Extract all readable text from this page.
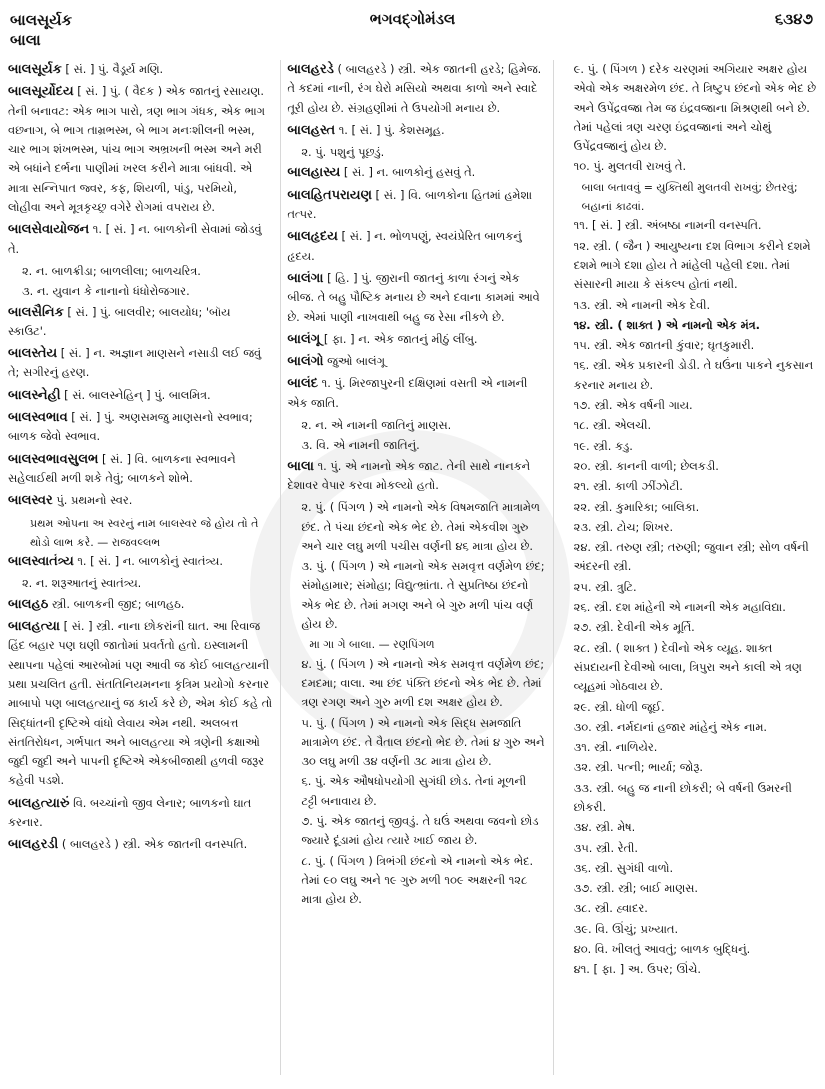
બાલસૂર્યક
બાલા
ભગવદ્ગોમંડલ	૬૩૪૭
બાલસૂર્યક [ સં. ] પું. વૈડૂર્ય મણિ.
બાલસૂર્યોદય [ સં. ] પું. ( વૈદક ) એક જાતનું રસાયણ. તેની બનાવટ: એક ભાગ પારો, ત્રણ ભાગ ગંધક, એક ભાગ વછનાગ, બે ભાગ તામ્રભસ્મ, બે ભાગ મનઃશીલની ભસ્મ, ચાર ભાગ શંખભસ્મ, પાંચ ભાગ અભ્રખની ભસ્મ અને મરી એ બધાંને દર્ભના પાણીમાં ખરલ કરીને માત્રા બાંધવી. એ માત્રા સન્નિપાત જ્વર, કફ, શિયળી, પાંડુ, પરમિયો, લોહીવા અને મૂત્રકૃચ્છ્ર વગેરે રોગમાં વપરાય છે.
બાલસેવાયોજન ૧. [ સં. ] ન. બાળકોની સેવામાં જોડવું તે.
૨. ન. બાળક્રીડા; બાળલીલા; બાળચરિત્ર.
૩. ન. યુવાન કે નાનાનો ધંધોરોજગાર.
બાલસૈનિક [ સં. ] પું. બાલવીર; બાલયોધ; 'બૉય સ્કાઉટ'.
બાલસ્તેય [ સં. ] ન. અજ્ઞાન માણસને નસાડી લઈ જવું તે; સગીરનું હરણ.
બાલસ્નેહી [ સં. બાલસ્નેહિન્ ] પું. બાલમિત્ર.
બાલસ્વભાવ [ સં. ] પું. અણસમજુ માણસનો સ્વભાવ; બાળક જેવો સ્વભાવ.
બાલસ્વભાવસુલભ [ સં. ] વિ. બાળકના સ્વભાવને સહેલાઈથી મળી શકે તેવું; બાળકને શોભે.
બાલસ્વર પું. પ્રથમનો સ્વર.
પ્રથમ ઓપના અ સ્વરનું નામ બાલસ્વર જે હોય તો તે થોડો લાભ કરે. — રાજવલ્લભ
બાલસ્વાતંત્ર્ય ૧. [ સં. ] ન. બાળકોનું સ્વાતંત્ર્ય.
૨. ન. શરૂઆતનું સ્વાતંત્ર્ય.
બાલહઠ સ્ત્રી. બાળકની જીદ; બાળહઠ.
બાલહત્યા [ સં. ] સ્ત્રી. નાના છોકરાંની ઘાત. આ રિવાજ હિંદ બહાર પણ ઘણી જાતોમાં પ્રવર્તતો હતો. ઇસ્લામની સ્થાપના પહેલાં આરબોમાં પણ આવી જ કોઈ બાલહત્યાની પ્રથા પ્રચલિત હતી. સંતતિનિયમનના કૃત્રિમ પ્રયોગો કરનાર માબાપો પણ બાલહત્યાનું જ કાર્ય કરે છે, એમ કોઈ કહે તો સિદ્ધાંતની દૃષ્ટિએ વાંધો લેવાય એમ નથી. અલબત્ત સંતતિરોધન, ગર્ભપાત અને બાલહત્યા એ ત્રણેની કક્ષાઓ જુદી જુદી અને પાપની દૃષ્ટિએ એકબીજાથી હળવી જરૂર કહેવી પડશે.
બાલહત્યારું વિ. બચ્ચાંનો જીવ લેનાર; બાળકનો ઘાત કરનાર.
બાલહરડી ( બાલહરડે ) સ્ત્રી. એક જાતની વનસ્પતિ.
બાલહરડે ( બાલહરડે ) સ્ત્રી. એક જાતની હરડે; હિમેજ. તે કદમાં નાની, રંગ ઘેરો મસિયો અથવા કાળો અને સ્વાદે તૂરી હોય છે. સંગ્રહણીમાં તે ઉપયોગી મનાય છે.
બાલહસ્ત ૧. [ સં. ] પું. કેશસમૂહ.
૨. પું. પશુનું પૂછડું.
બાલહાસ્ય [ સં. ] ન. બાળકોનું હસવું તે.
બાલહિતપરાયણ [ સં. ] વિ. બાળકોના હિતમાં હમેશા તત્પર.
બાલહૃદય [ સં. ] ન. ભોળપણું, સ્વયંપ્રેરિત બાળકનું હૃદય.
બાલંગા [ હિ. ] પું. જીરાની જાતનું કાળા રંગનું એક બીજ. તે બહુ પૌષ્ટિક મનાય છે અને દવાના કામમાં આવે છે. એમાં પાણી નાખવાથી બહુ જ રેસા નીકળે છે.
બાલંગૂ [ ફા. ] ન. એક જાતનું મીઠું લીંબુ.
બાલંગો જુઓ બાલંગૂ
બાલંદ ૧. પું. મિરજાપુરની દક્ષિણમાં વસતી એ નામની એક જાતિ.
૨. ન. એ નામની જાતિનું માણસ.
૩. વિ. એ નામની જાતિનું.
બાલા ૧. પું. એ નામનો એક જાટ. તેની સાથે નાનકને દેશાવર વેપાર કરવા મોકલ્યો હતો.
૨. પું. ( પિંગળ ) એ નામનો એક વિષમજાતિ માત્રામેળ છંદ. તે પંચા છંદનો એક ભેદ છે. તેમાં એકવીશ ગુરુ અને ચાર લઘુ મળી પચીસ વર્ણની ૪૬ માત્રા હોય છે.
૩. પું. ( પિંગળ ) એ નામનો એક સમવૃત્ત વર્ણમેળ છંદ; સંમોહામાર; સંમોહા; વિદ્યુત્ભ્રાંતા. તે સુપ્રતિષ્ઠા છંદનો એક ભેદ છે. તેમાં મગણ અને બે ગુરુ મળી પાંચ વર્ણ હોય છે.
મા ગા ગે બાલા. — રણપિંગળ
૪. પું. ( પિંગળ ) એ નામનો એક સમવૃત્ત વર્ણમેળ છંદ; દમદમા; વાલા. આ છંદ પંક્તિ છંદનો એક ભેદ છે. તેમાં ત્રણ રગણ અને ગુરુ મળી દશ અક્ષર હોય છે.
૫. પું. ( પિંગળ ) એ નામનો એક સિદ્ધ સમજાતિ માત્રામેળ છંદ. તે વૈતાલ છંદનો ભેદ છે. તેમાં ૪ ગુરુ અને ૩૦ લઘુ મળી ૩૪ વર્ણની ૩૮ માત્રા હોય છે.
૬. પું. એક ઔષધોપયોગી સુગંધી છોડ. તેનાં મૂળની ટટ્ટી બનાવાય છે.
૭. પું. એક જાતનું જીવડું. તે ઘઉં અથવા જવનો છોડ જ્યારે દૂંડામાં હોય ત્યારે ખાઈ જાય છે.
૮. પું. ( પિંગળ ) ત્રિભંગી છંદનો એ નામનો એક ભેદ. તેમાં ૯૦ લઘુ અને ૧૯ ગુરુ મળી ૧૦૯ અક્ષરની ૧૨૮ માત્રા હોય છે.
૯. પું. ( પિંગળ ) દરેક ચરણમાં અગિયાર અક્ષર હોય એવો એક અક્ષરમેળ છંદ. તે ત્રિષ્ટુપ છંદનો એક ભેદ છે અને ઉપેંદ્રવજ્રા તેમ જ ઇંદ્રવજ્રાના મિશ્રણથી બને છે. તેમાં પહેલાં ત્રણ ચરણ ઇંદ્રવજ્રાનાં અને ચોથું ઉપેંદ્રવજ્રાનું હોય છે.
૧૦. પું. મુલતવી રાખવું તે.
બાલા બતાવવું = યુક્તિથી મુલતવી રાખવું; છેતરવું; બહાનાં કાઢવાં.
૧૧. [ સં. ] સ્ત્રી. અંબષ્ઠા નામની વનસ્પતિ.
૧૨. સ્ત્રી. ( જૈન ) આયુષ્યના દશ વિભાગ કરીને દશમે દશમે ભાગે દશા હોય તે માંહેલી પહેલી દશા. તેમાં સંસારની માયા કે સંકલ્પ હોતાં નથી.
૧૩. સ્ત્રી. એ નામની એક દેવી.
૧૪. સ્ત્રી. ( શાક્ત ) એ નામનો એક મંત્ર.
૧૫. સ્ત્રી. એક જાતની કુંવાર; ઘૃતકુમારી.
૧૬. સ્ત્રી. એક પ્રકારની ડોડી. તે ઘઉંના પાકને નુકસાન કરનાર મનાય છે.
૧૭. સ્ત્રી. એક વર્ષની ગાય.
૧૮. સ્ત્રી. એલચી.
૧૯. સ્ત્રી. કડુ.
૨૦. સ્ત્રી. કાનની વાળી; છેલકડી.
૨૧. સ્ત્રી. કાળી ઝીંઝોટી.
૨૨. સ્ત્રી. કુમારિકા; બાલિકા.
૨૩. સ્ત્રી. ટોચ; શિખર.
૨૪. સ્ત્રી. તરુણ સ્ત્રી; તરુણી; જુવાન સ્ત્રી; સોળ વર્ષની અંદરની સ્ત્રી.
૨૫. સ્ત્રી. ત્રુટિ.
૨૬. સ્ત્રી. દશ માંહેની એ નામની એક મહાવિદ્યા.
૨૭. સ્ત્રી. દેવીની એક મૂર્તિ.
૨૮. સ્ત્રી. ( શાક્ત ) દેવીનો એક વ્યૂહ. શાક્ત સંપ્રદાયની દેવીઓ બાલા, ત્રિપુરા અને કાલી એ ત્રણ વ્યૂહમાં ગોઠવાય છે.
૨૯. સ્ત્રી. ધોળી જૂઈ.
૩૦. સ્ત્રી. નર્મદાનાં હજાર માંહેનું એક નામ.
૩૧. સ્ત્રી. નાળિયેર.
૩૨. સ્ત્રી. પત્ની; ભાર્યા; જોરૂ.
૩૩. સ્ત્રી. બહુ જ નાની છોકરી; બે વર્ષની ઉમરની છોકરી.
૩૪. સ્ત્રી. મેષ.
૩૫. સ્ત્રી. રેતી.
૩૬. સ્ત્રી. સુગંધી વાળો.
૩૭. સ્ત્રી. સ્ત્રી; બાઈ માણસ.
૩૮. સ્ત્રી. હ્વાદર.
૩૯. વિ. ઊંચું; પ્રખ્યાત.
૪૦. વિ. ખીલતું આવતું; બાળક બુદ્ધિનું.
૪૧. [ ફા. ] અ. ઉપર; ઊંચે.
